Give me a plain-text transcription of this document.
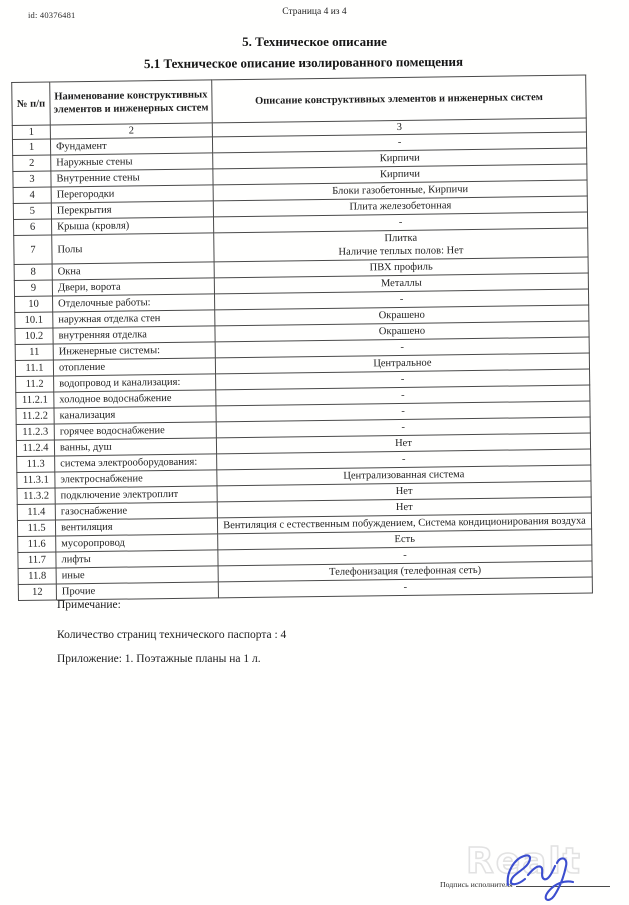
id: 40376481	Страница 4 из 4
5. Техническое описание
5.1 Техническое описание изолированного помещения
№ п/п	Наименование конструктивных элементов и инженерных систем	Описание конструктивных элементов и инженерных систем
1	2	3
1	Фундамент	-
2	Наружные стены	Кирпичи
3	Внутренние стены	Кирпичи
4	Перегородки	Блоки газобетонные, Кирпичи
5	Перекрытия	Плита железобетонная
6	Крыша (кровля)	-
7	Полы	Плитка
Наличие теплых полов: Нет
8	Окна	ПВХ профиль
9	Двери, ворота	Металлы
10	Отделочные работы:	-
10.1	наружная отделка стен	Окрашено
10.2	внутренняя отделка	Окрашено
11	Инженерные системы:	-
11.1	отопление	Центральное
11.2	водопровод и канализация:	-
11.2.1	холодное водоснабжение	-
11.2.2	канализация	-
11.2.3	горячее водоснабжение	-
11.2.4	ванны, душ	Нет
11.3	система электрооборудования:	-
11.3.1	электроснабжение	Централизованная система
11.3.2	подключение электроплит	Нет
11.4	газоснабжение	Нет
11.5	вентиляция	Вентиляция с естественным побуждением, Система кондиционирования воздуха
11.6	мусоропровод	Есть
11.7	лифты	-
11.8	иные	Телефонизация (телефонная сеть)
12	Прочие	-

Примечание:

Количество страниц технического паспорта : 4

Приложение: 1. Поэтажные планы на 1 л.

Realt
Подпись исполнителя
